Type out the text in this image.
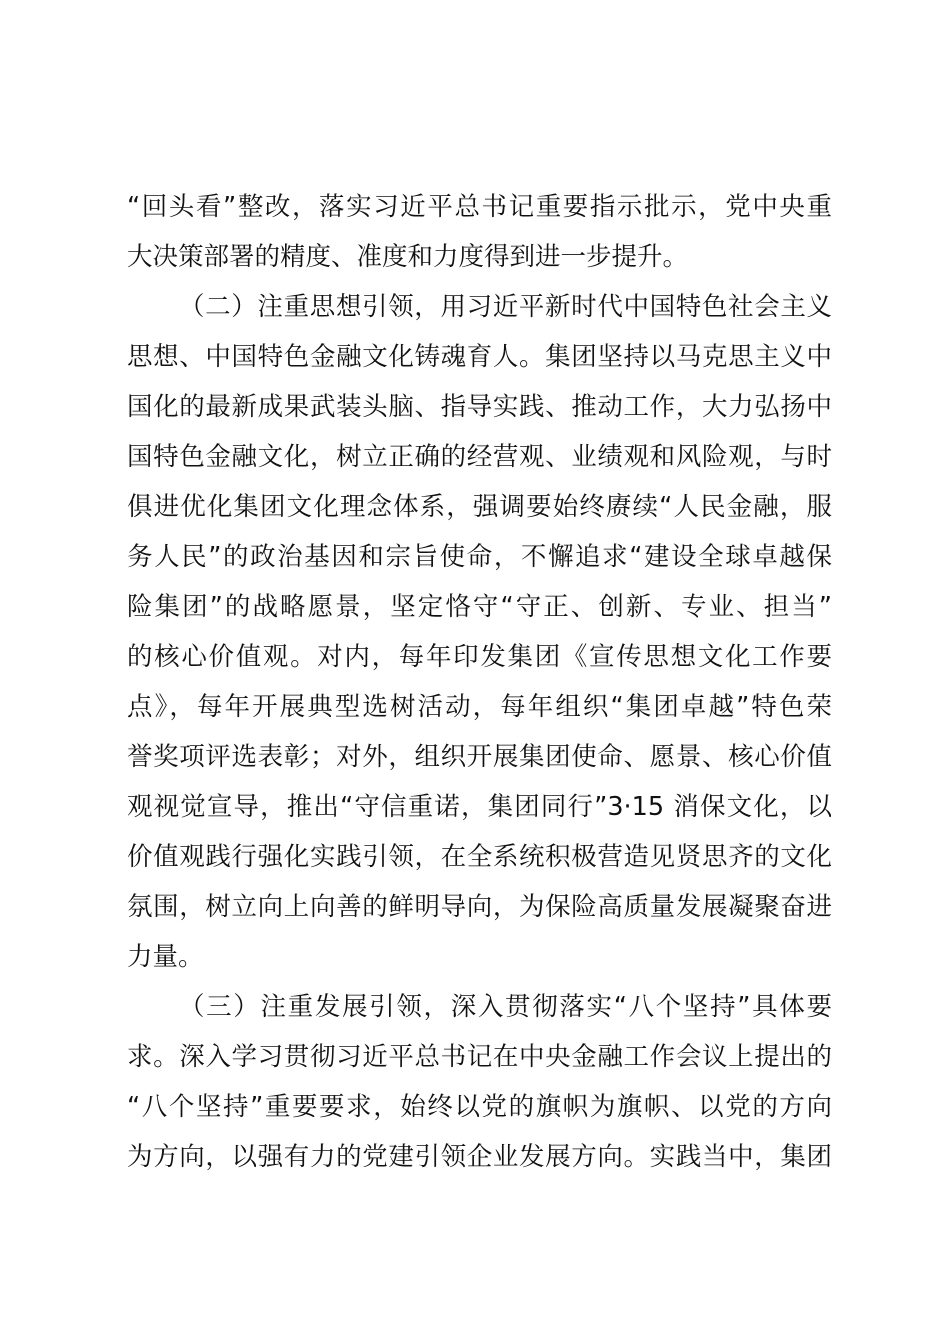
“回头看”整改，落实习近平总书记重要指示批示，党中央重
大决策部署的精度、准度和力度得到进一步提升。
（二）注重思想引领，用习近平新时代中国特色社会主义
思想、中国特色金融文化铸魂育人。集团坚持以马克思主义中
国化的最新成果武装头脑、指导实践、推动工作，大力弘扬中
国特色金融文化，树立正确的经营观、业绩观和风险观，与时
俱进优化集团文化理念体系，强调要始终赓续“人民金融，服
务人民”的政治基因和宗旨使命，不懈追求“建设全球卓越保
险集团”的战略愿景，坚定恪守“守正、创新、专业、担当”
的核心价值观。对内，每年印发集团《宣传思想文化工作要
点》，每年开展典型选树活动，每年组织“集团卓越”特色荣
誉奖项评选表彰；对外，组织开展集团使命、愿景、核心价值
观视觉宣导，推出“守信重诺，集团同行”3·15 消保文化，以
价值观践行强化实践引领，在全系统积极营造见贤思齐的文化
氛围，树立向上向善的鲜明导向，为保险高质量发展凝聚奋进
力量。
（三）注重发展引领，深入贯彻落实“八个坚持”具体要
求。深入学习贯彻习近平总书记在中央金融工作会议上提出的
“八个坚持”重要要求，始终以党的旗帜为旗帜、以党的方向
为方向，以强有力的党建引领企业发展方向。实践当中，集团
